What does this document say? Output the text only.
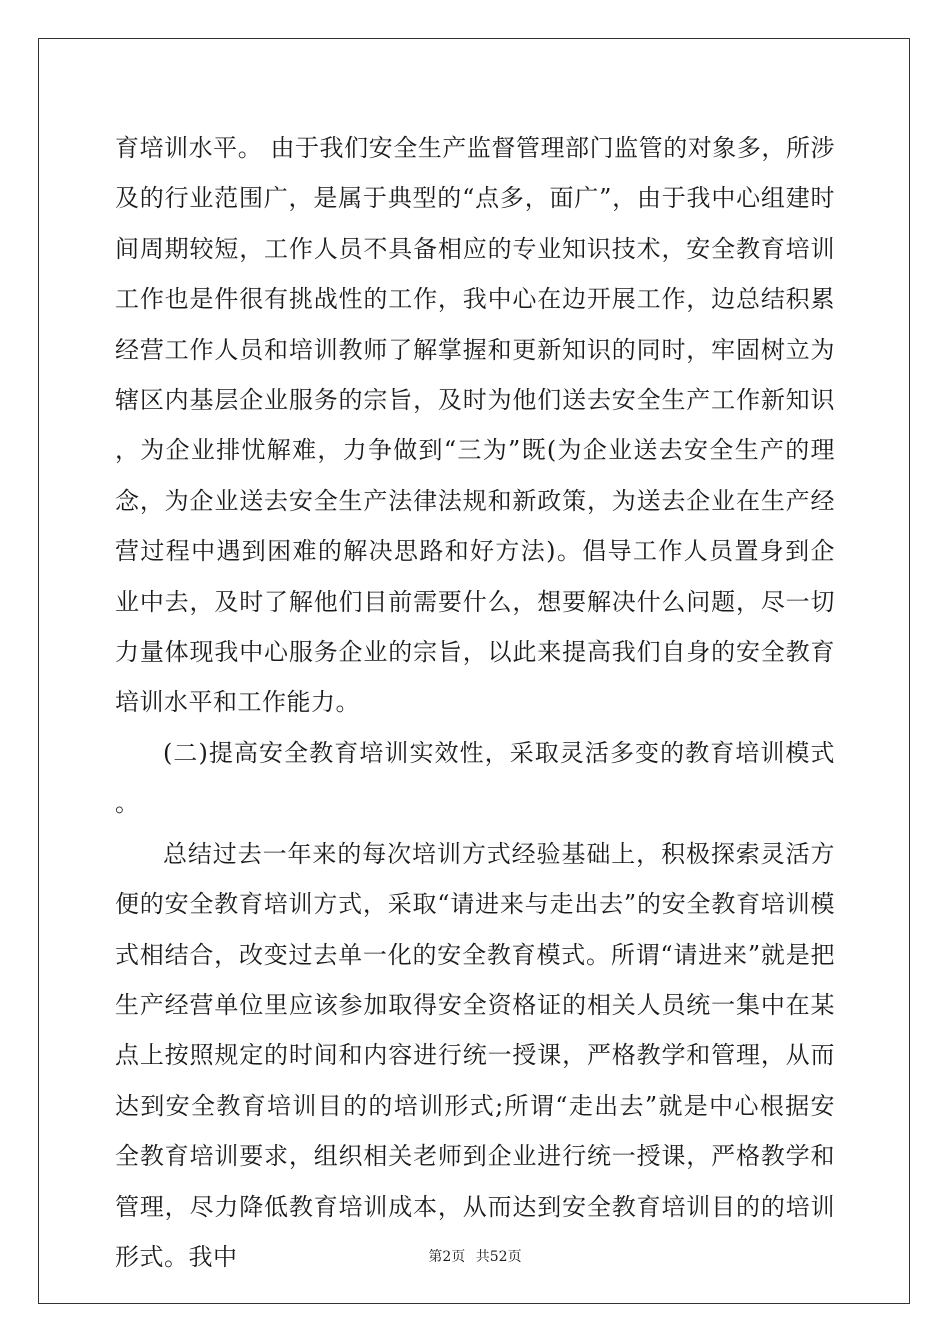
育培训水平。 由于我们安全生产监督管理部门监管的对象多，所涉及的行业范围广，是属于典型的“点多，面广”，由于我中心组建时间周期较短，工作人员不具备相应的专业知识技术，安全教育培训工作也是件很有挑战性的工作，我中心在边开展工作，边总结积累经营工作人员和培训教师了解掌握和更新知识的同时，牢固树立为辖区内基层企业服务的宗旨，及时为他们送去安全生产工作新知识，为企业排忧解难，力争做到“三为”既(为企业送去安全生产的理念，为企业送去安全生产法律法规和新政策，为送去企业在生产经营过程中遇到困难的解决思路和好方法)。倡导工作人员置身到企业中去，及时了解他们目前需要什么，想要解决什么问题，尽一切力量体现我中心服务企业的宗旨，以此来提高我们自身的安全教育培训水平和工作能力。

(二)提高安全教育培训实效性，采取灵活多变的教育培训模式。

总结过去一年来的每次培训方式经验基础上，积极探索灵活方便的安全教育培训方式，采取“请进来与走出去”的安全教育培训模式相结合，改变过去单一化的安全教育模式。所谓“请进来”就是把生产经营单位里应该参加取得安全资格证的相关人员统一集中在某点上按照规定的时间和内容进行统一授课，严格教学和管理，从而达到安全教育培训目的的培训形式;所谓“走出去”就是中心根据安全教育培训要求，组织相关老师到企业进行统一授课，严格教学和管理，尽力降低教育培训成本，从而达到安全教育培训目的的培训形式。我中	第2页 共52页
